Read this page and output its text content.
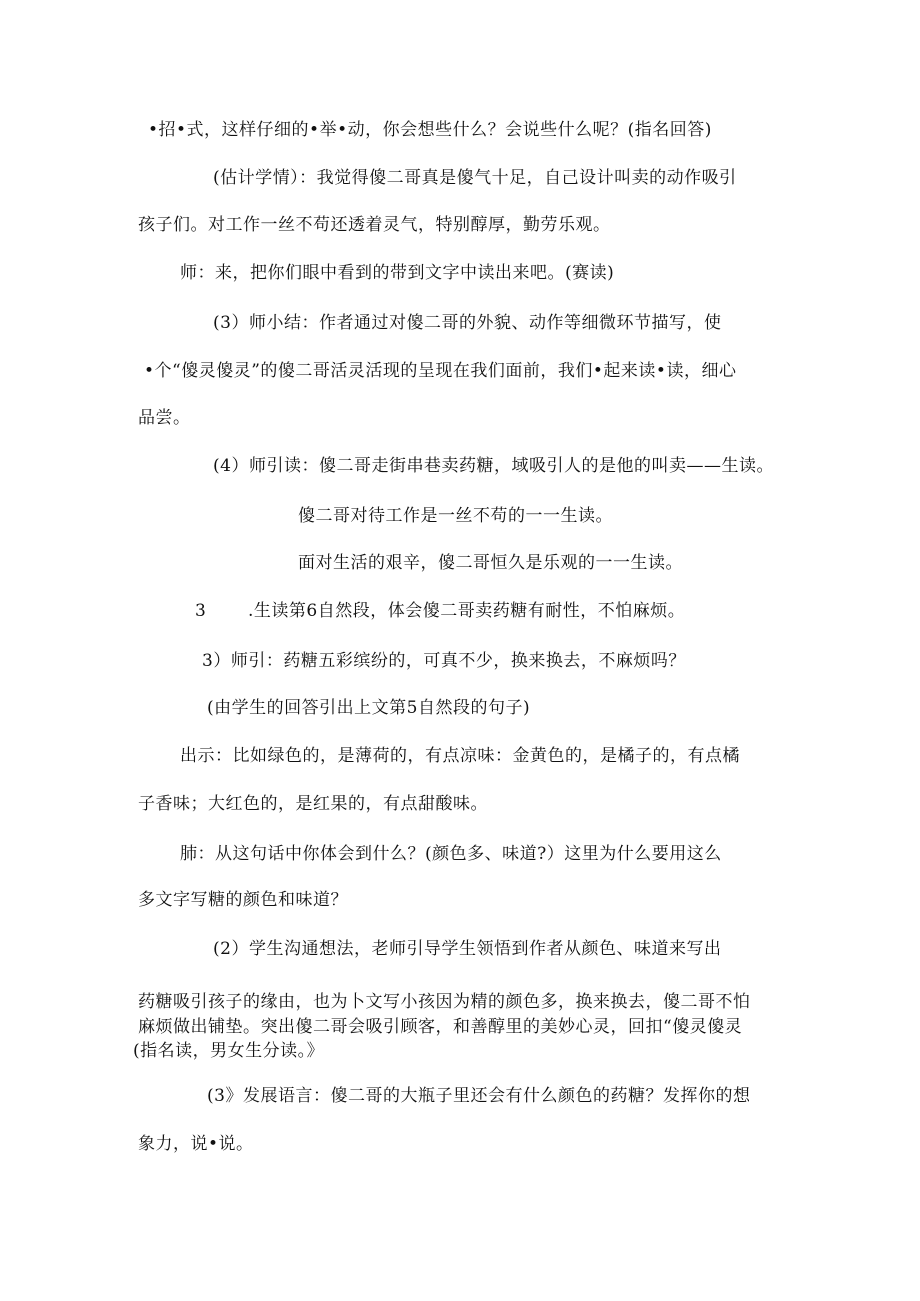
•招•式，这样仔细的•举•动，你会想些什么？会说些什么呢？(指名回答)
(估计学情）：我觉得傻二哥真是傻气十足，自己设计叫卖的动作吸引
孩子们。对工作一丝不苟还透着灵气，特别醇厚，勤劳乐观。
师：来，把你们眼中看到的带到文字中读出来吧。(赛读)
(3）师小结：作者通过对傻二哥的外貌、动作等细微环节描写，使
•个“傻灵傻灵”的傻二哥活灵活现的呈现在我们面前，我们•起来读•读，细心
品尝。
(4）师引读：傻二哥走街串巷卖药糖，域吸引人的是他的叫卖——生读。
傻二哥对待工作是一丝不苟的一一生读。
面对生活的艰辛，傻二哥恒久是乐观的一一生读。
3 .生读第6自然段，体会傻二哥卖药糖有耐性，不怕麻烦。
3）师引：药糖五彩缤纷的，可真不少，换来换去，不麻烦吗？
(由学生的回答引出上文第5自然段的句子)
出示：比如绿色的，是薄荷的，有点凉味：金黄色的，是橘子的，有点橘
子香味；大红色的，是红果的，有点甜酸味。
肺：从这句话中你体会到什么？(颜色多、味道?）这里为什么要用这么
多文字写糖的颜色和味道？
(2）学生沟通想法，老师引导学生领悟到作者从颜色、味道来写出
药糖吸引孩子的缘由，也为卜文写小孩因为精的颜色多，换来换去，傻二哥不怕
麻烦做出铺垫。突出傻二哥会吸引顾客，和善醇里的美妙心灵，回扣“傻灵傻灵
(指名读，男女生分读。》
(3》发展语言：傻二哥的大瓶子里还会有什么颜色的药糖？发挥你的想
象力，说•说。
